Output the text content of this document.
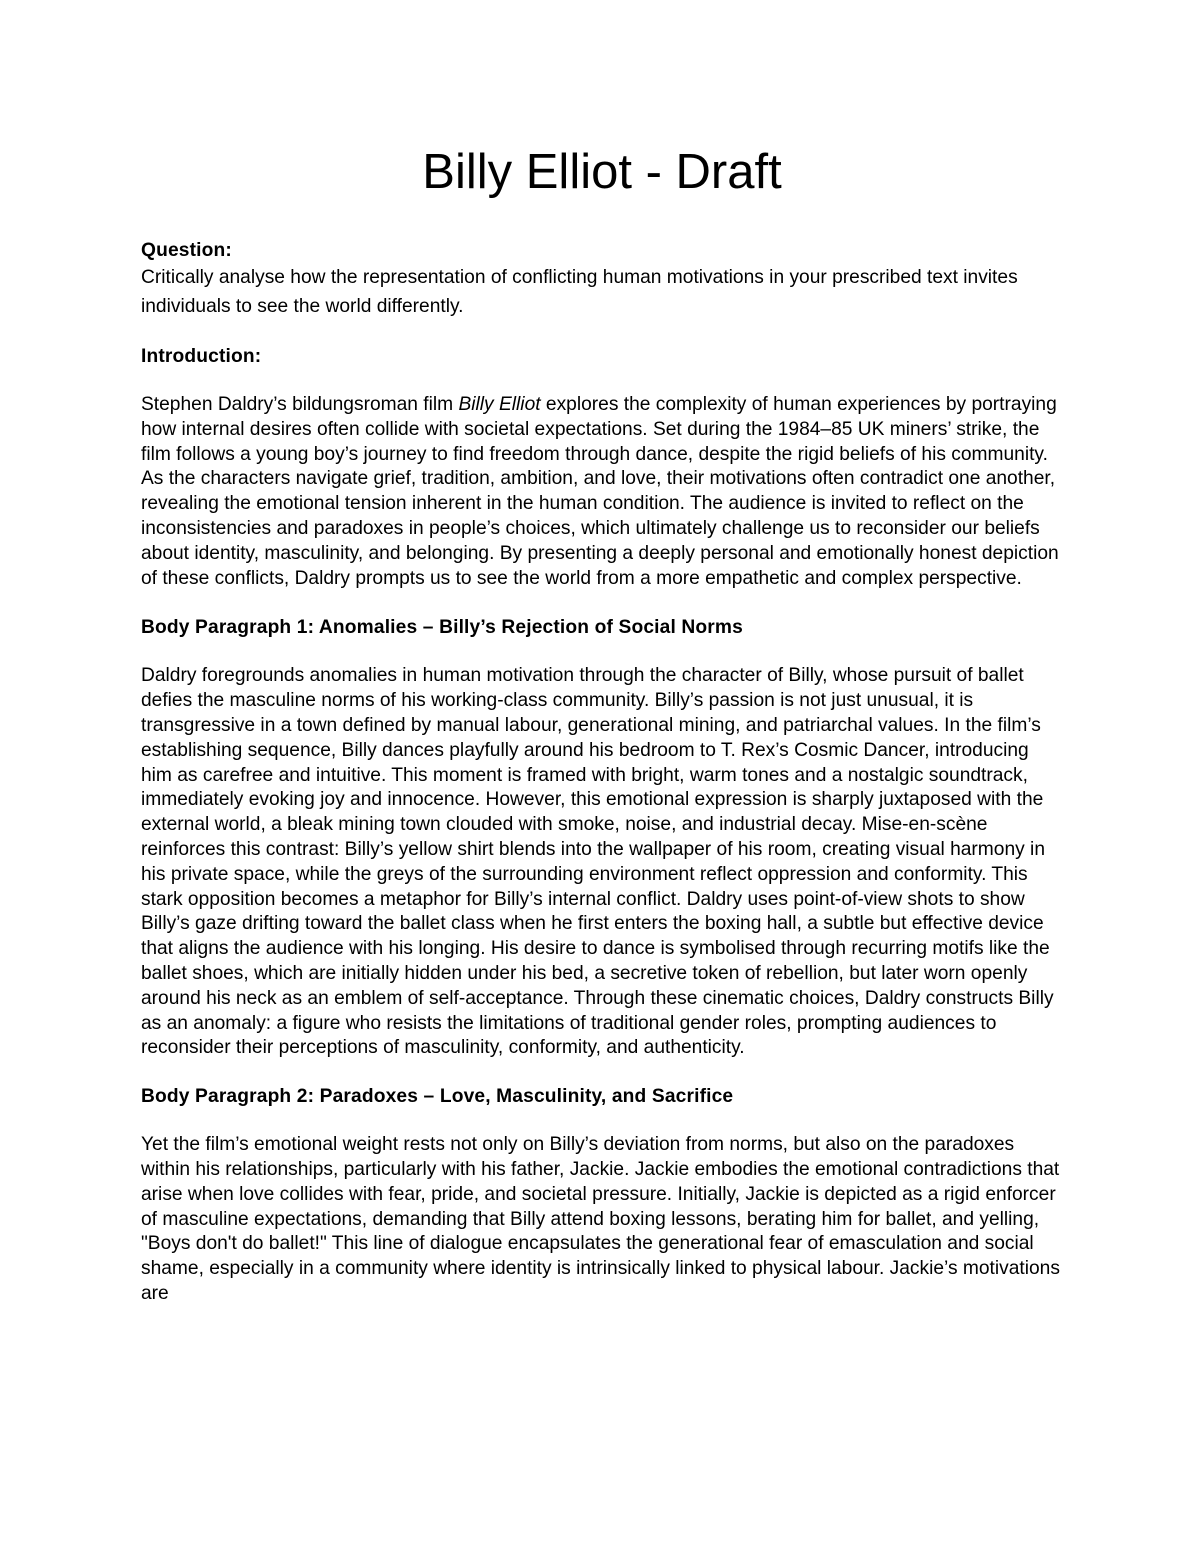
Billy Elliot - Draft

Question:

Critically analyse how the representation of conflicting human motivations in your prescribed text invites individuals to see the world differently.

Introduction:

Stephen Daldry’s bildungsroman film Billy Elliot explores the complexity of human experiences by portraying how internal desires often collide with societal expectations. Set during the 1984–85 UK miners’ strike, the film follows a young boy’s journey to find freedom through dance, despite the rigid beliefs of his community. As the characters navigate grief, tradition, ambition, and love, their motivations often contradict one another, revealing the emotional tension inherent in the human condition. The audience is invited to reflect on the inconsistencies and paradoxes in people’s choices, which ultimately challenge us to reconsider our beliefs about identity, masculinity, and belonging. By presenting a deeply personal and emotionally honest depiction of these conflicts, Daldry prompts us to see the world from a more empathetic and complex perspective.

Body Paragraph 1: Anomalies – Billy’s Rejection of Social Norms

Daldry foregrounds anomalies in human motivation through the character of Billy, whose pursuit of ballet defies the masculine norms of his working-class community. Billy’s passion is not just unusual, it is transgressive in a town defined by manual labour, generational mining, and patriarchal values. In the film’s establishing sequence, Billy dances playfully around his bedroom to T. Rex’s Cosmic Dancer, introducing him as carefree and intuitive. This moment is framed with bright, warm tones and a nostalgic soundtrack, immediately evoking joy and innocence. However, this emotional expression is sharply juxtaposed with the external world, a bleak mining town clouded with smoke, noise, and industrial decay. Mise-en-scène reinforces this contrast: Billy’s yellow shirt blends into the wallpaper of his room, creating visual harmony in his private space, while the greys of the surrounding environment reflect oppression and conformity. This stark opposition becomes a metaphor for Billy’s internal conflict. Daldry uses point-of-view shots to show Billy’s gaze drifting toward the ballet class when he first enters the boxing hall, a subtle but effective device that aligns the audience with his longing. His desire to dance is symbolised through recurring motifs like the ballet shoes, which are initially hidden under his bed, a secretive token of rebellion, but later worn openly around his neck as an emblem of self-acceptance. Through these cinematic choices, Daldry constructs Billy as an anomaly: a figure who resists the limitations of traditional gender roles, prompting audiences to reconsider their perceptions of masculinity, conformity, and authenticity.

Body Paragraph 2: Paradoxes – Love, Masculinity, and Sacrifice

Yet the film’s emotional weight rests not only on Billy’s deviation from norms, but also on the paradoxes within his relationships, particularly with his father, Jackie. Jackie embodies the emotional contradictions that arise when love collides with fear, pride, and societal pressure. Initially, Jackie is depicted as a rigid enforcer of masculine expectations, demanding that Billy attend boxing lessons, berating him for ballet, and yelling, "Boys don't do ballet!" This line of dialogue encapsulates the generational fear of emasculation and social shame, especially in a community where identity is intrinsically linked to physical labour. Jackie’s motivations are
